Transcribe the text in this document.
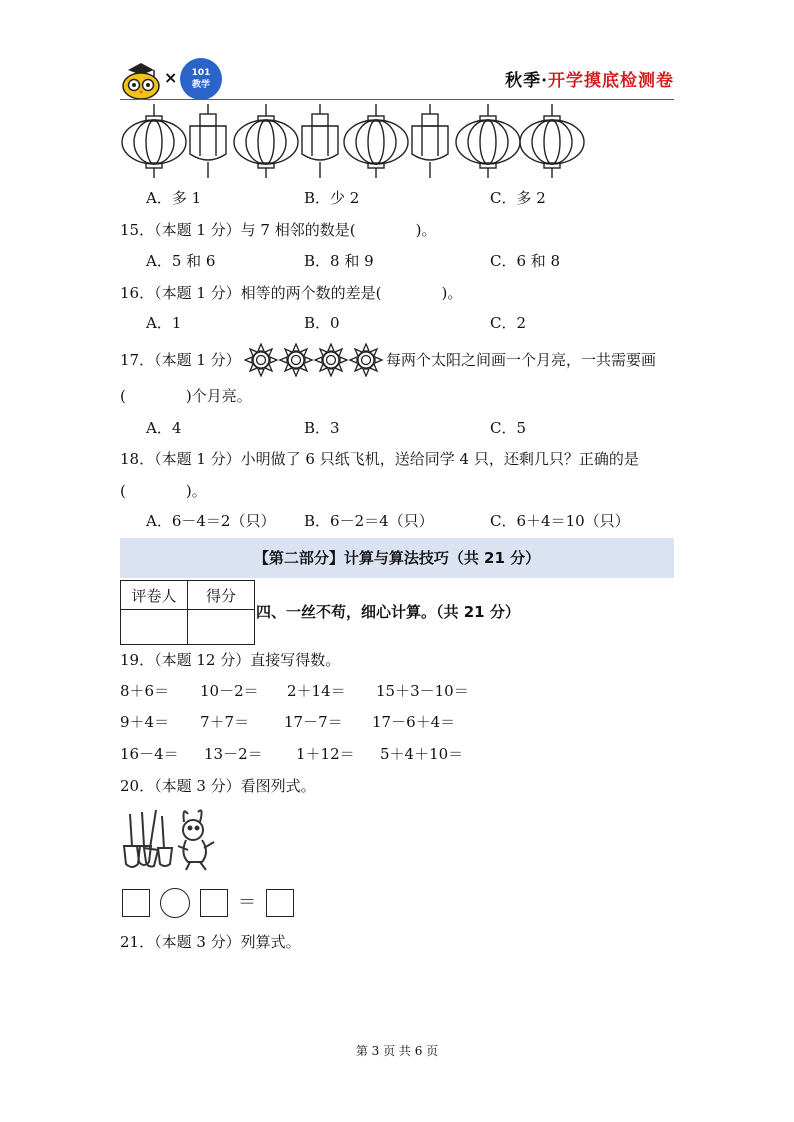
×	101
教学	秋季·开学摸底检测卷
A．多 1	B．少 2	C．多 2
15．（本题 1 分）与 7 相邻的数是(　　　　)。
A．5 和 6	B．8 和 9	C．6 和 8
16．（本题 1 分）相等的两个数的差是(　　　　)。
A．1	B．0	C．2
17．（本题 1 分）	每两个太阳之间画一个月亮，一共需要画
(　　　　)个月亮。
A．4	B．3	C．5
18．（本题 1 分）小明做了 6 只纸飞机，送给同学 4 只，还剩几只？正确的是
(　　　　)。
A．6－4＝2（只） B．6－2＝4（只）	C．6＋4＝10（只）
【第二部分】计算与算法技巧（共 21 分）
评卷人	得分

四、一丝不苟，细心计算。（共 21 分）
19．（本题 12 分）直接写得数。
8＋6＝ 10－2＝ 2＋14＝ 15＋3－10＝
9＋4＝ 7＋7＝ 17－7＝ 17－6＋4＝
16－4＝ 13－2＝ 1＋12＝ 5＋4＋10＝
20．（本题 3 分）看图列式。
＝
21．（本题 3 分）列算式。
第 3 页 共 6 页
